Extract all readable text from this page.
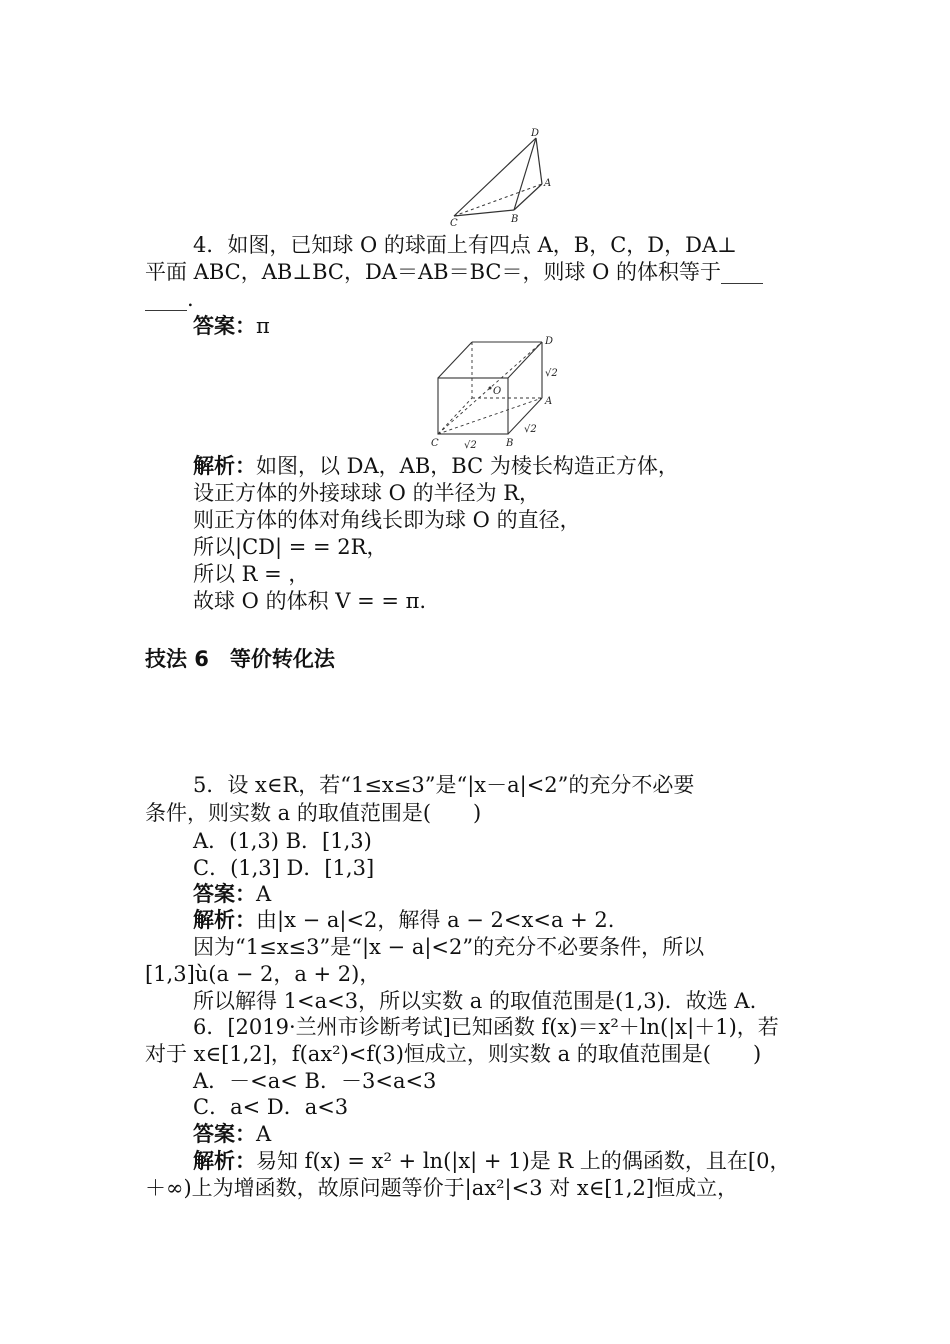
D
A
B
C
4．如图，已知球 O 的球面上有四点 A，B，C，D，DA⊥
平面 ABC，AB⊥BC，DA＝AB＝BC＝，则球 O 的体积等于____
____.
答案：π
D
A
B
C
O
√2
√2
√2
解析：如图，以 DA，AB，BC 为棱长构造正方体，
设正方体的外接球球 O 的半径为 R，
则正方体的体对角线长即为球 O 的直径，
所以|CD| = = 2R，
所以 R = ，
故球 O 的体积 V = = π.
技法 6　等价转化法
5．设 x∈R，若“1≤x≤3”是“|x－a|<2”的充分不必要
条件，则实数 a 的取值范围是(　　)
A．(1,3) B．[1,3)
C．(1,3] D．[1,3]
答案：A
解析：由|x − a|<2，解得 a − 2<x<a + 2.
因为“1≤x≤3”是“|x − a|<2”的充分不必要条件，所以
[1,3]ù(a − 2，a + 2)，
所以解得 1<a<3，所以实数 a 的取值范围是(1,3)．故选 A.
6．[2019·兰州市诊断考试]已知函数 f(x)＝x²＋ln(|x|＋1)，若
对于 x∈[1,2]，f(ax²)<f(3)恒成立，则实数 a 的取值范围是(　　)
A．－<a< B．－3<a<3
C．a< D．a<3
答案：A
解析：易知 f(x) = x² + ln(|x| + 1)是 R 上的偶函数，且在[0，
＋∞)上为增函数，故原问题等价于|ax²|<3 对 x∈[1,2]恒成立，
